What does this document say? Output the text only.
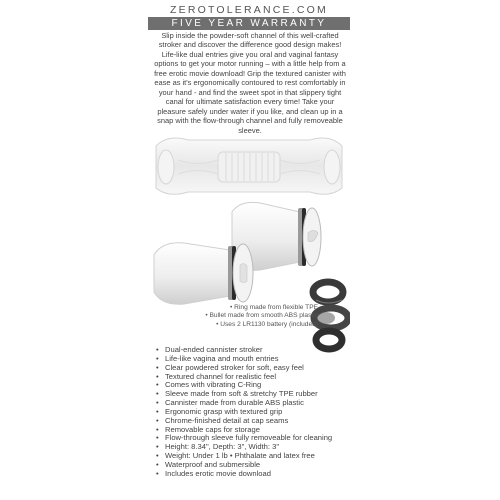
ZEROTOLERANCE.COM
FIVE YEAR WARRANTY

Slip inside the powder-soft channel of this well-crafted stroker and discover the difference good design makes! Life-like dual entries give you oral and vaginal fantasy options to get your motor running – with a little help from a free erotic movie download! Grip the textured canister with ease as it's ergonomically contoured to rest comfortably in your hand - and find the sweet spot in that slippery tight canal for ultimate satisfaction every time! Take your pleasure safely under water if you like, and clean up in a snap with the flow-through channel and fully removeable sleeve.

• Ring made from flexible TPE
• Bullet made from smooth ABS plastic
• Uses 2 LR1130 battery (included)
• Dual-ended cannister stroker
• Life-like vagina and mouth entries
• Clear powdered stroker for soft, easy feel
• Textured channel for realistic feel
• Comes with vibrating C-Ring
• Sleeve made from soft & stretchy TPE rubber
• Cannister made from durable ABS plastic
• Ergonomic grasp with textured grip
• Chrome-finished detail at cap seams
• Removable caps for storage
• Flow-through sleeve fully removeable for cleaning
• Height: 8.34", Depth: 3", Width: 3"
• Weight: Under 1 lb • Phthalate and latex free
• Waterproof and submersible
• Includes erotic movie download
